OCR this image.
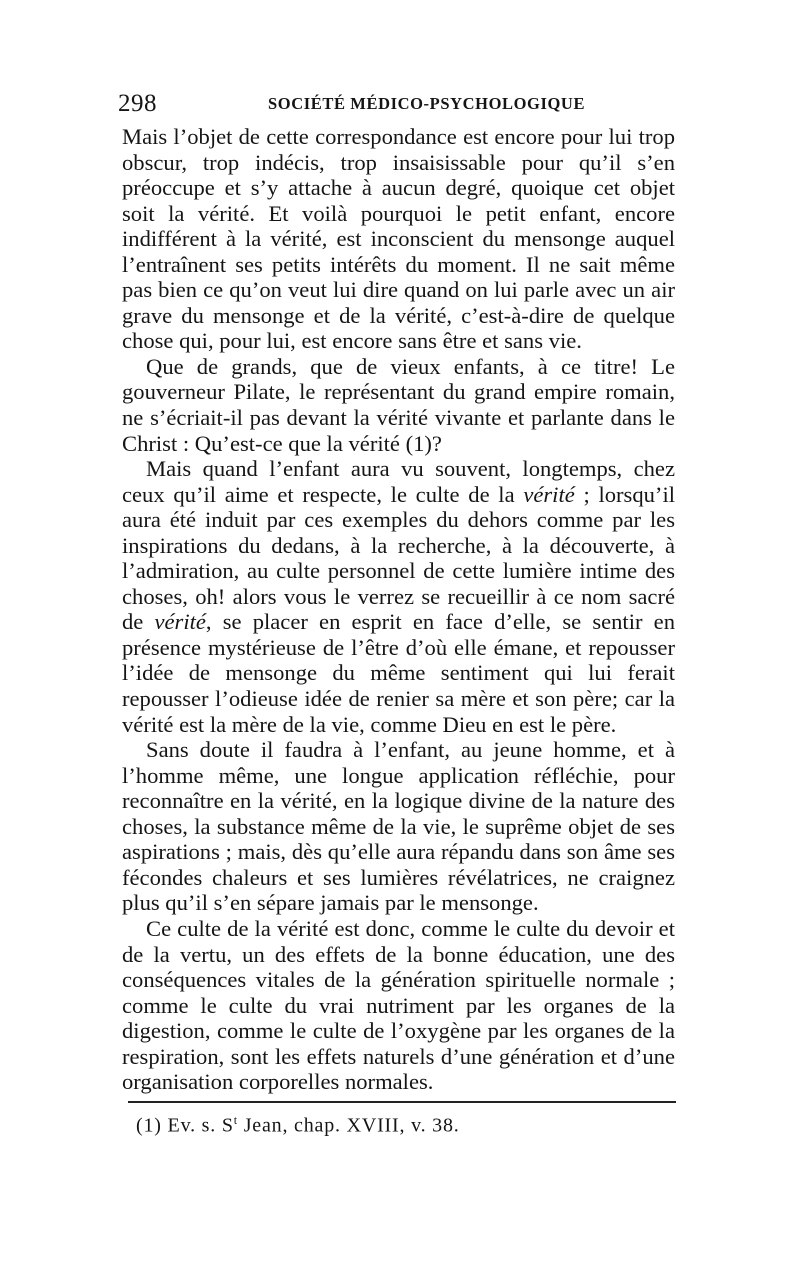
298	SOCIÉTÉ MÉDICO-PSYCHOLOGIQUE

Mais l’objet de cette correspondance est encore pour lui trop obscur, trop indécis, trop insaisissable pour qu’il s’en préoccupe et s’y attache à aucun degré, quoique cet objet soit la vérité. Et voilà pourquoi le petit enfant, encore indifférent à la vérité, est inconscient du mensonge auquel l’entraînent ses petits intérêts du moment. Il ne sait même pas bien ce qu’on veut lui dire quand on lui parle avec un air grave du mensonge et de la vérité, c’est-à-dire de quelque chose qui, pour lui, est encore sans être et sans vie.

Que de grands, que de vieux enfants, à ce titre! Le gouverneur Pilate, le représentant du grand empire romain, ne s’écriait-il pas devant la vérité vivante et parlante dans le Christ : Qu’est-ce que la vérité (1)?

Mais quand l’enfant aura vu souvent, longtemps, chez ceux qu’il aime et respecte, le culte de la vérité ; lorsqu’il aura été induit par ces exemples du dehors comme par les inspirations du dedans, à la recherche, à la découverte, à l’admiration, au culte personnel de cette lumière intime des choses, oh! alors vous le verrez se recueillir à ce nom sacré de vérité, se placer en esprit en face d’elle, se sentir en présence mystérieuse de l’être d’où elle émane, et repousser l’idée de mensonge du même sentiment qui lui ferait repousser l’odieuse idée de renier sa mère et son père; car la vérité est la mère de la vie, comme Dieu en est le père.

Sans doute il faudra à l’enfant, au jeune homme, et à l’homme même, une longue application réfléchie, pour reconnaître en la vérité, en la logique divine de la nature des choses, la substance même de la vie, le suprême objet de ses aspirations ; mais, dès qu’elle aura répandu dans son âme ses fécondes chaleurs et ses lumières révélatrices, ne craignez plus qu’il s’en sépare jamais par le mensonge.

Ce culte de la vérité est donc, comme le culte du devoir et de la vertu, un des effets de la bonne éducation, une des conséquences vitales de la génération spirituelle normale ; comme le culte du vrai nutriment par les organes de la digestion, comme le culte de l’oxygène par les organes de la respiration, sont les effets naturels d’une génération et d’une organisation corporelles normales.

(1) Ev. s. $S^t$ Jean, chap. XVIII, v. 38.
